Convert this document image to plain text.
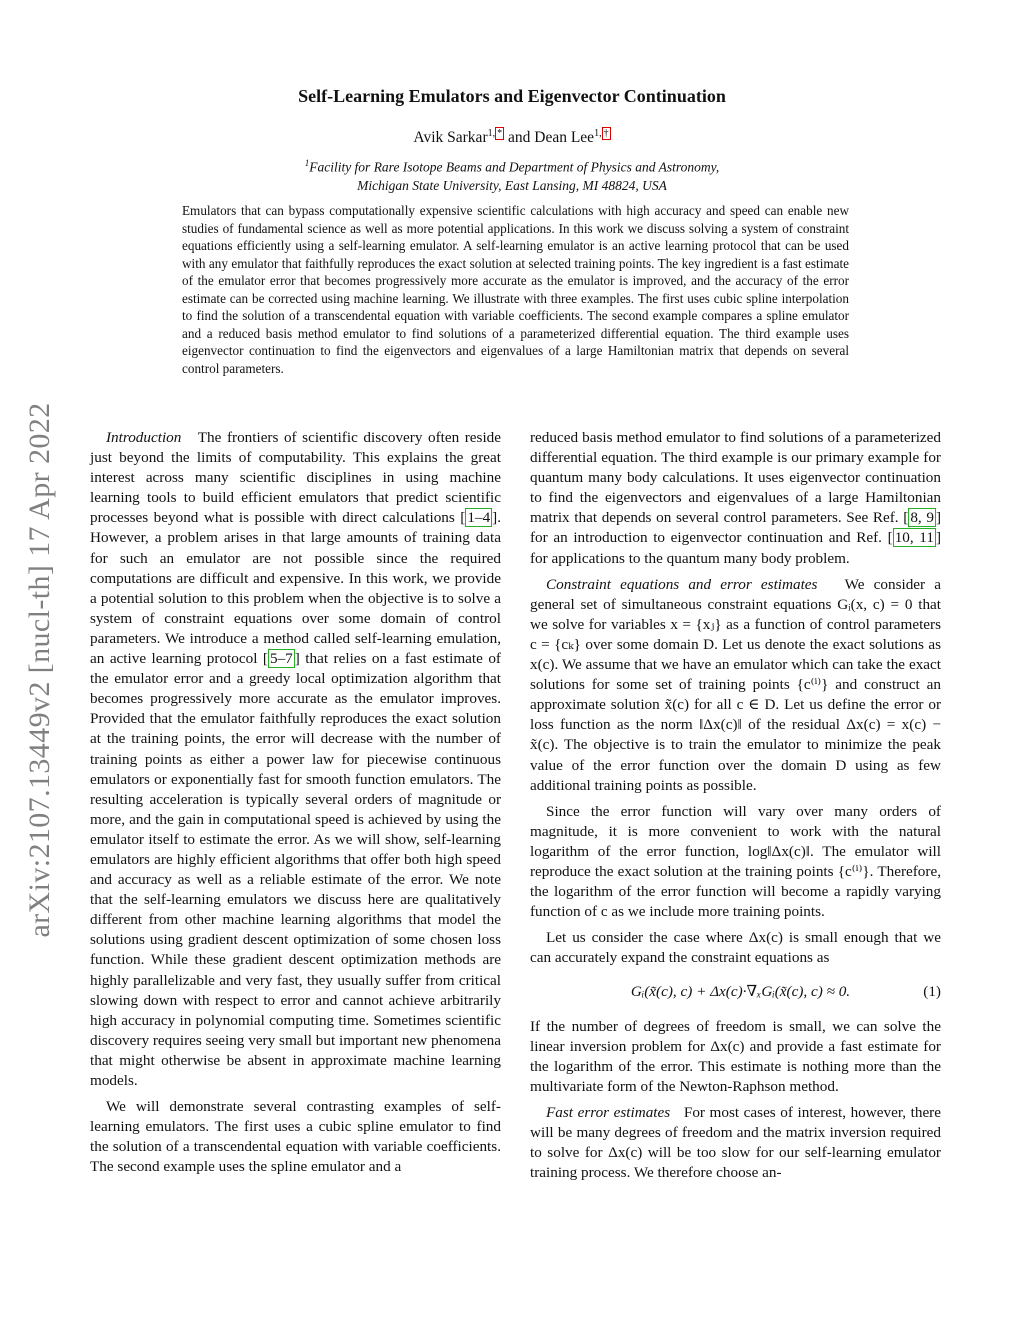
arXiv:2107.13449v2 [nucl-th] 17 Apr 2022
Self-Learning Emulators and Eigenvector Continuation
Avik Sarkar$^{1, *}$ and Dean Lee$^{1, \dagger}$
$^1$Facility for Rare Isotope Beams and Department of Physics and Astronomy,
Michigan State University, East Lansing, MI 48824, USA
Emulators that can bypass computationally expensive scientific calculations with high accuracy and speed can enable new studies of fundamental science as well as more potential applications. In this work we discuss solving a system of constraint equations efficiently using a self-learning emulator. A self-learning emulator is an active learning protocol that can be used with any emulator that faithfully reproduces the exact solution at selected training points. The key ingredient is a fast estimate of the emulator error that becomes progressively more accurate as the emulator is improved, and the accuracy of the error estimate can be corrected using machine learning. We illustrate with three examples. The first uses cubic spline interpolation to find the solution of a transcendental equation with variable coefficients. The second example compares a spline emulator and a reduced basis method emulator to find solutions of a parameterized differential equation. The third example uses eigenvector continuation to find the eigenvectors and eigenvalues of a large Hamiltonian matrix that depends on several control parameters.

Introduction The frontiers of scientific discovery often reside just beyond the limits of computability. This explains the great interest across many scientific disciplines in using machine learning tools to build efficient emulators that predict scientific processes beyond what is possible with direct calculations [ 1–4 ]. However, a problem arises in that large amounts of training data for such an emulator are not possible since the required computations are difficult and expensive. In this work, we provide a potential solution to this problem when the objective is to solve a system of constraint equations over some domain of control parameters. We introduce a method called self-learning emulation, an active learning protocol [ 5–7 ] that relies on a fast estimate of the emulator error and a greedy local optimization algorithm that becomes progressively more accurate as the emulator improves. Provided that the emulator faithfully reproduces the exact solution at the training points, the error will decrease with the number of training points as either a power law for piecewise continuous emulators or exponentially fast for smooth function emulators. The resulting acceleration is typically several orders of magnitude or more, and the gain in computational speed is achieved by using the emulator itself to estimate the error. As we will show, self-learning emulators are highly efficient algorithms that offer both high speed and accuracy as well as a reliable estimate of the error. We note that the self-learning emulators we discuss here are qualitatively different from other machine learning algorithms that model the solutions using gradient descent optimization of some chosen loss function. While these gradient descent optimization methods are highly parallelizable and very fast, they usually suffer from critical slowing down with respect to error and cannot achieve arbitrarily high accuracy in polynomial computing time. Sometimes scientific discovery requires seeing very small but important new phenomena that might otherwise be absent in approximate machine learning models.

We will demonstrate several contrasting examples of self-learning emulators. The first uses a cubic spline emulator to find the solution of a transcendental equation with variable coefficients. The second example uses the spline emulator and a

reduced basis method emulator to find solutions of a parameterized differential equation. The third example is our primary example for quantum many body calculations. It uses eigenvector continuation to find the eigenvectors and eigenvalues of a large Hamiltonian matrix that depends on several control parameters. See Ref. [ 8, 9 ] for an introduction to eigenvector continuation and Ref. [ 10, 11 ] for applications to the quantum many body problem.

Constraint equations and error estimates We consider a general set of simultaneous constraint equations Gᵢ(x, c) = 0 that we solve for variables x = {xⱼ} as a function of control parameters c = {cₖ} over some domain D. Let us denote the exact solutions as x(c). We assume that we have an emulator which can take the exact solutions for some set of training points {c⁽ⁱ⁾} and construct an approximate solution x̃(c) for all c ∈ D. Let us define the error or loss function as the norm ‖Δx(c)‖ of the residual Δx(c) = x(c) − x̃(c). The objective is to train the emulator to minimize the peak value of the error function over the domain D using as few additional training points as possible.

Since the error function will vary over many orders of magnitude, it is more convenient to work with the natural logarithm of the error function, log‖Δx(c)‖. The emulator will reproduce the exact solution at the training points {c⁽ⁱ⁾}. Therefore, the logarithm of the error function will become a rapidly varying function of c as we include more training points.

Let us consider the case where Δx(c) is small enough that we can accurately expand the constraint equations as

Gᵢ(x̃(c), c) + Δx(c)·∇ₓGᵢ(x̃(c), c) ≈ 0.	(1)

If the number of degrees of freedom is small, we can solve the linear inversion problem for Δx(c) and provide a fast estimate for the logarithm of the error. This estimate is nothing more than the multivariate form of the Newton-Raphson method.

Fast error estimates For most cases of interest, however, there will be many degrees of freedom and the matrix inversion required to solve for Δx(c) will be too slow for our self-learning emulator training process. We therefore choose an-
